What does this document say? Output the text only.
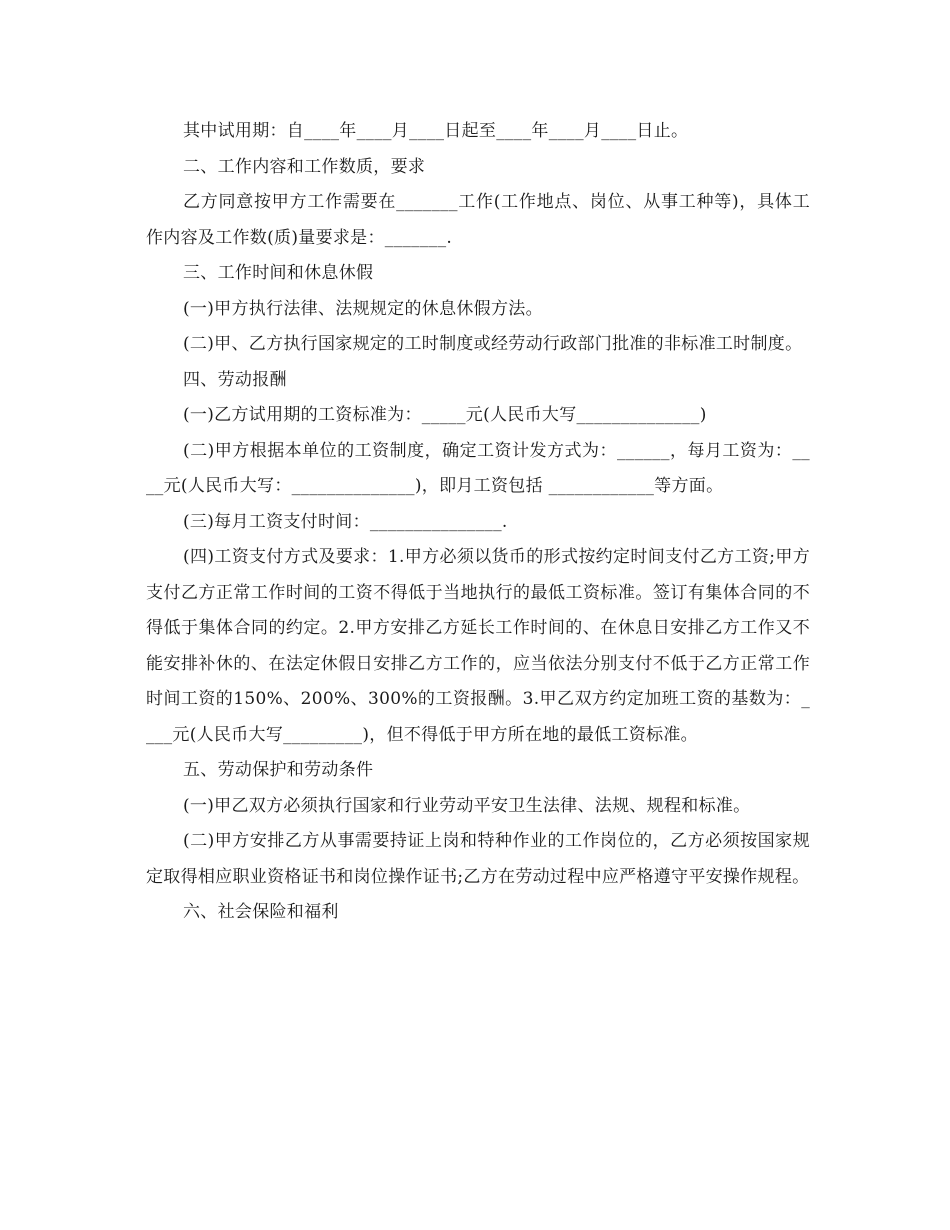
其中试用期：自____年____月____日起至____年____月____日止。

二、工作内容和工作数质，要求

乙方同意按甲方工作需要在_______工作(工作地点、岗位、从事工种等)，具体工作内容及工作数(质)量要求是：_______.

三、工作时间和休息休假

(一)甲方执行法律、法规规定的休息休假方法。

(二)甲、乙方执行国家规定的工时制度或经劳动行政部门批准的非标准工时制度。

四、劳动报酬

(一)乙方试用期的工资标准为：_____元(人民币大写______________)

(二)甲方根据本单位的工资制度，确定工资计发方式为：______，每月工资为：____元(人民币大写：______________)，即月工资包括 ____________等方面。

(三)每月工资支付时间：_______________.

(四)工资支付方式及要求：1.甲方必须以货币的形式按约定时间支付乙方工资;甲方支付乙方正常工作时间的工资不得低于当地执行的最低工资标准。签订有集体合同的不得低于集体合同的约定。2.甲方安排乙方延长工作时间的、在休息日安排乙方工作又不能安排补休的、在法定休假日安排乙方工作的，应当依法分别支付不低于乙方正常工作时间工资的150%、200%、300%的工资报酬。3.甲乙双方约定加班工资的基数为：____元(人民币大写_________)，但不得低于甲方所在地的最低工资标准。

五、劳动保护和劳动条件

(一)甲乙双方必须执行国家和行业劳动平安卫生法律、法规、规程和标准。

(二)甲方安排乙方从事需要持证上岗和特种作业的工作岗位的，乙方必须按国家规定取得相应职业资格证书和岗位操作证书;乙方在劳动过程中应严格遵守平安操作规程。

六、社会保险和福利
